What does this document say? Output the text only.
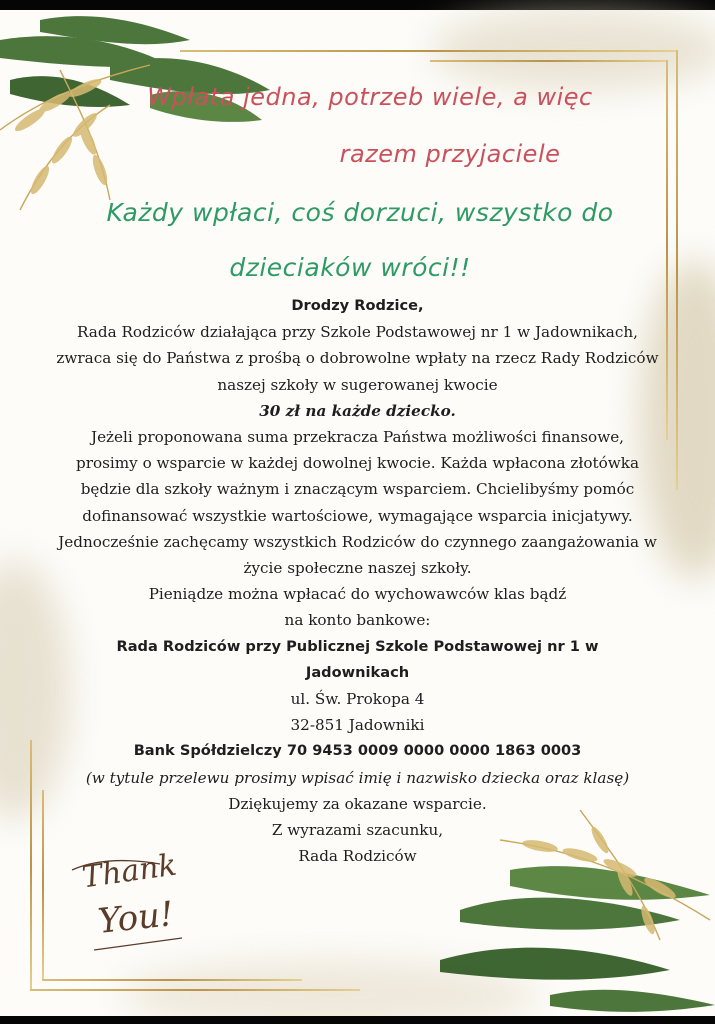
Wpłata jedna, potrzeb wiele, a więc
razem przyjaciele
Każdy wpłaci, coś dorzuci, wszystko do
dzieciaków wróci!!

Drodzy Rodzice,

Rada Rodziców działająca przy Szkole Podstawowej nr 1 w Jadownikach, zwraca się do Państwa z prośbą o dobrowolne wpłaty na rzecz Rady Rodziców naszej szkoły w sugerowanej kwocie

30 zł na każde dziecko.

Jeżeli proponowana suma przekracza Państwa możliwości finansowe, prosimy o wsparcie w każdej dowolnej kwocie. Każda wpłacona złotówka będzie dla szkoły ważnym i znaczącym wsparciem. Chcielibyśmy pomóc dofinansować wszystkie wartościowe, wymagające wsparcia inicjatywy. Jednocześnie zachęcamy wszystkich Rodziców do czynnego zaangażowania w życie społeczne naszej szkoły.

Pieniądze można wpłacać do wychowawców klas bądź

na konto bankowe:

Rada Rodziców przy Publicznej Szkole Podstawowej nr 1 w Jadownikach

ul. Św. Prokopa 4

32-851 Jadowniki

Bank Spółdzielczy 70 9453 0009 0000 0000 1863 0003

(w tytule przelewu prosimy wpisać imię i nazwisko dziecka oraz klasę)

Dziękujemy za okazane wsparcie.

Z wyrazami szacunku,

Rada Rodziców

Thank
You!
